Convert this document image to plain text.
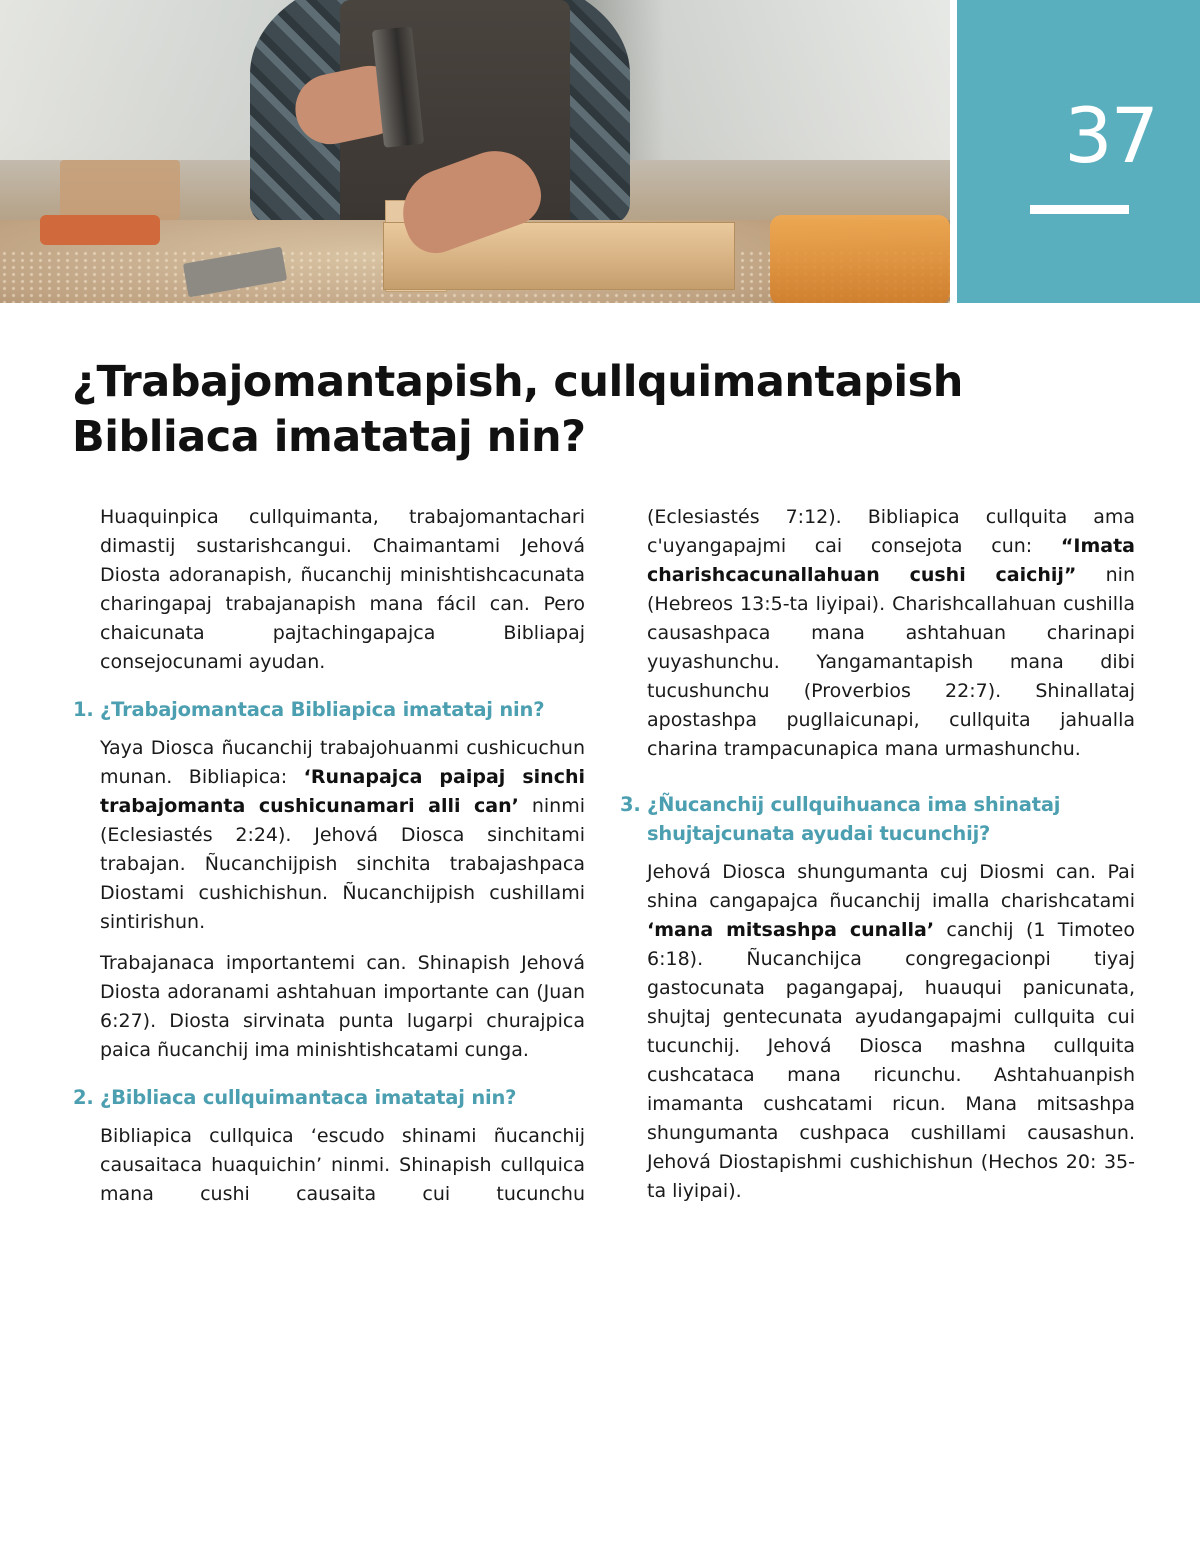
37
¿Trabajomantapish, cullquimantapish
Bibliaca imatataj nin?

Huaquinpica cullquimanta, trabajomantachari dimastij sustarishcangui. Chaimantami Jehová Diosta adoranapish, ñucanchij minishtishcacunata charingapaj trabajanapish mana fácil can. Pero chaicunata pajtachingapajca Bibliapaj consejocunami ayudan.

1. ¿Trabajomantaca Bibliapica imatataj nin?

Yaya Diosca ñucanchij trabajohuanmi cushicuchun munan. Bibliapica: ‘Runapajca paipaj sinchi trabajomanta cushicunamari alli can’ ninmi (Eclesiastés 2:24). Jehová Diosca sinchitami trabajan. Ñucanchijpish sinchita trabajashpaca Diostami cushichishun. Ñucanchijpish cushillami sintirishun.

Trabajanaca importantemi can. Shinapish Jehová Diosta adoranami ashtahuan importante can (Juan 6:27). Diosta sirvinata punta lugarpi churajpica paica ñucanchij ima minishtishcatami cunga.

2. ¿Bibliaca cullquimantaca imatataj nin?

Bibliapica cullquica ‘escudo shinami ñucanchij causaitaca huaquichin’ ninmi. Shinapish cullquica mana cushi causaita cui tucunchu

(Eclesiastés 7:12). Bibliapica cullquita ama c'uyangapajmi cai consejota cun: “Imata charishcacunallahuan cushi caichij” nin (Hebreos 13:5-ta liyipai). Charishcallahuan cushilla causashpaca mana ashtahuan charinapi yuyashunchu. Yangamantapish mana dibi tucushunchu (Proverbios 22:7). Shinallataj apostashpa pugllaicunapi, cullquita jahualla charina trampacunapica mana urmashunchu.

3. ¿Ñucanchij cullquihuanca ima shinataj shujtajcunata ayudai tucunchij?

Jehová Diosca shungumanta cuj Diosmi can. Pai shina cangapajca ñucanchij imalla charishcatami ‘mana mitsashpa cunalla’ canchij (1 Timoteo 6:18). Ñucanchijca congregacionpi tiyaj gastocunata pagangapaj, huauqui panicunata, shujtaj gentecunata ayudangapajmi cullquita cui tucunchij. Jehová Diosca mashna cullquita cushcataca mana ricunchu. Ashtahuanpish imamanta cushcatami ricun. Mana mitsashpa shungumanta cushpaca cushillami causashun. Jehová Diostapishmi cushichishun (Hechos 20: 35-ta liyipai).
